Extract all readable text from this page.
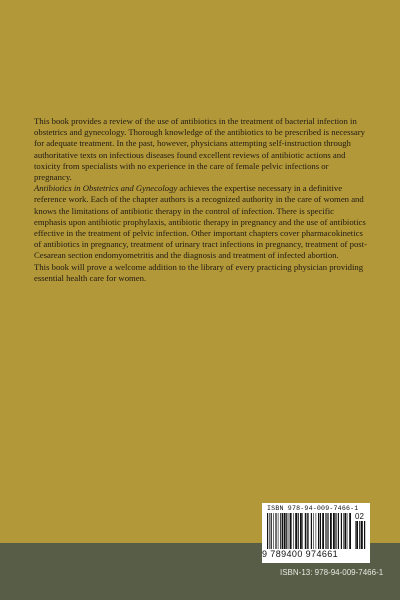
This book provides a review of the use of antibiotics in the treatment of bacterial infection in obstetrics and gynecology. Thorough knowledge of the antibiotics to be prescribed is necessary for adequate treatment. In the past, however, physicians attempting self-instruction through authoritative texts on infectious diseases found excellent reviews of antibiotic actions and toxicity from specialists with no experience in the care of female pelvic infections or pregnancy.

Antibiotics in Obstetrics and Gynecology achieves the expertise necessary in a definitive reference work. Each of the chapter authors is a recognized authority in the care of women and knows the limitations of antibiotic therapy in the control of infection. There is specific emphasis upon antibiotic prophylaxis, antibiotic therapy in pregnancy and the use of antibiotics effective in the treatment of pelvic infection. Other important chapters cover pharmacokinetics of antibiotics in pregnancy, treatment of urinary tract infections in pregnancy, treatment of post-Cesarean section endomyometritis and the diagnosis and treatment of infected abortion.

This book will prove a welcome addition to the library of every practicing physician providing essential health care for women.

ISBN 978-94-009-7466-1
02
9 789400 974661
ISBN-13: 978-94-009-7466-1
